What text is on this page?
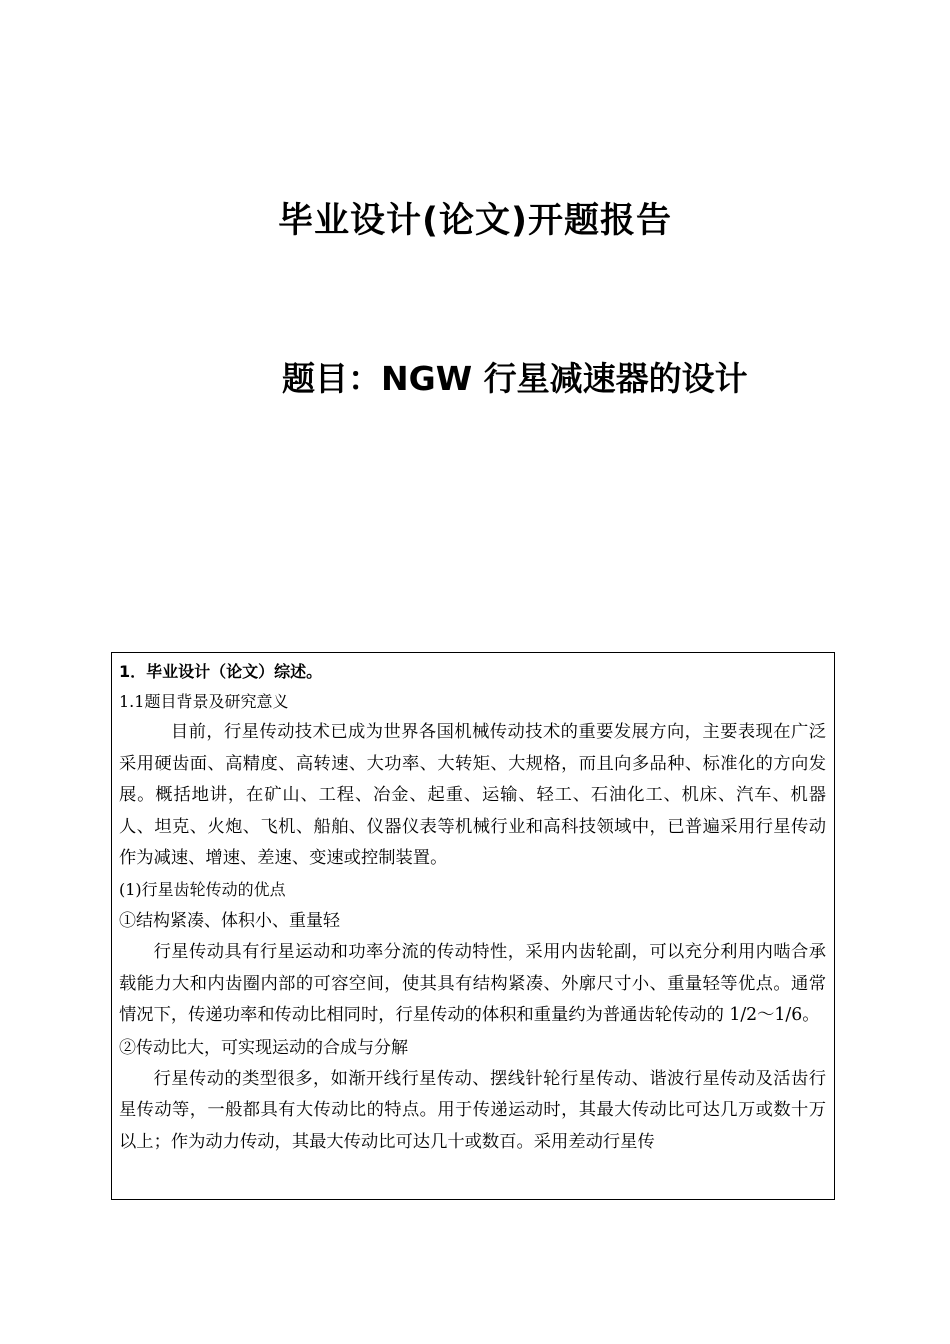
毕业设计(论文)开题报告
题目：NGW 行星减速器的设计
1．毕业设计（论文）综述。
1.1题目背景及研究意义

目前，行星传动技术已成为世界各国机械传动技术的重要发展方向，主要表现在广泛采用硬齿面、高精度、高转速、大功率、大转矩、大规格，而且向多品种、标准化的方向发展。概括地讲，在矿山、工程、冶金、起重、运输、轻工、石油化工、机床、汽车、机器人、坦克、火炮、飞机、船舶、仪器仪表等机械行业和高科技领域中，已普遍采用行星传动作为减速、增速、差速、变速或控制装置。

(1)行星齿轮传动的优点
①结构紧凑、体积小、重量轻

行星传动具有行星运动和功率分流的传动特性，采用内齿轮副，可以充分利用内啮合承载能力大和内齿圈内部的可容空间，使其具有结构紧凑、外廓尺寸小、重量轻等优点。通常情况下，传递功率和传动比相同时，行星传动的体积和重量约为普通齿轮传动的 1/2～1/6。

②传动比大，可实现运动的合成与分解

行星传动的类型很多，如渐开线行星传动、摆线针轮行星传动、谐波行星传动及活齿行星传动等，一般都具有大传动比的特点。用于传递运动时，其最大传动比可达几万或数十万以上；作为动力传动，其最大传动比可达几十或数百。采用差动行星传
